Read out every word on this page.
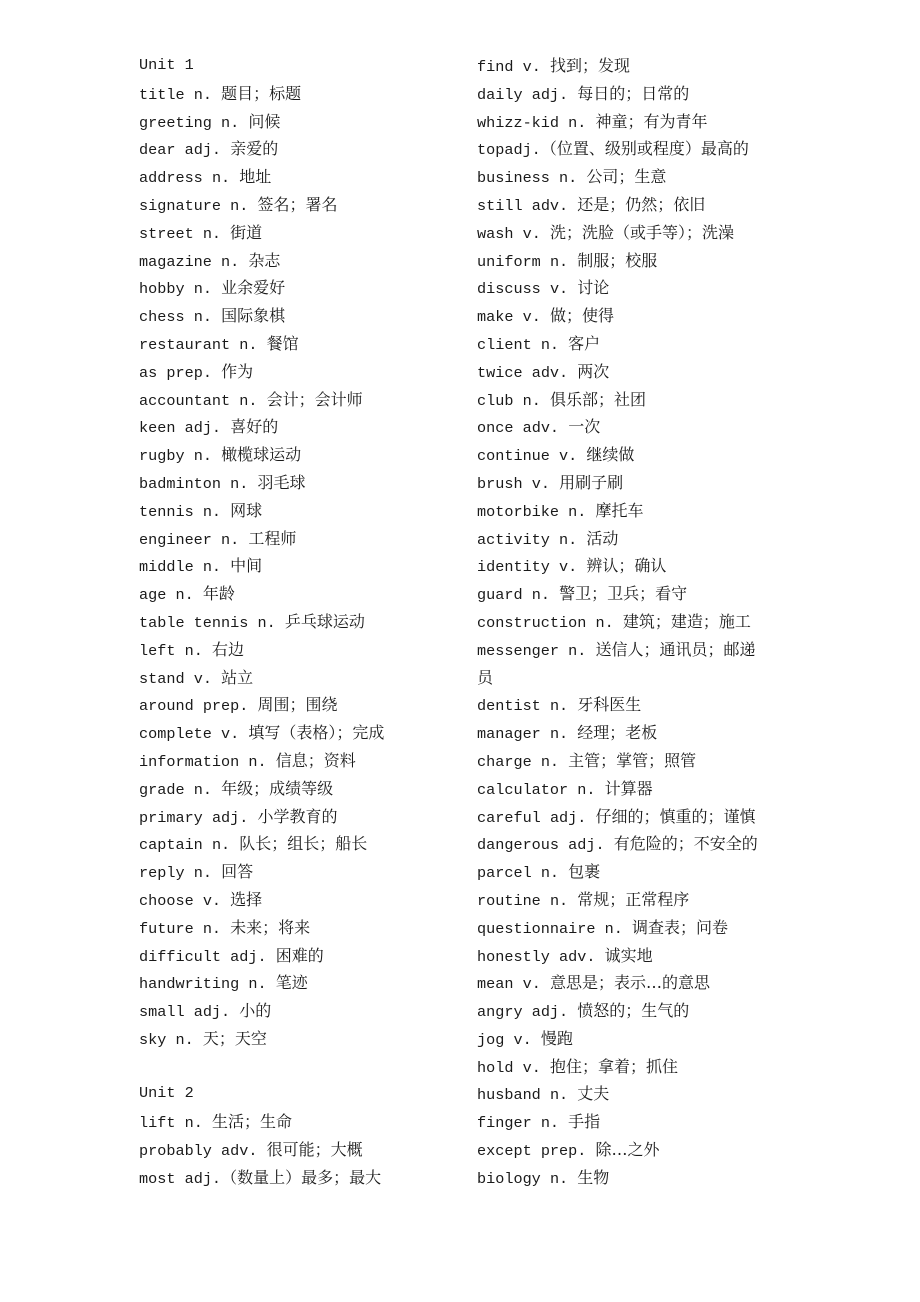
Unit 1
title n. 题目；标题
greeting n. 问候
dear adj. 亲爱的
address n. 地址
signature n. 签名；署名
street n. 街道
magazine n. 杂志
hobby n. 业余爱好
chess n. 国际象棋
restaurant n. 餐馆
as prep. 作为
accountant n. 会计；会计师
keen adj. 喜好的
rugby n. 橄榄球运动
badminton n. 羽毛球
tennis n. 网球
engineer n. 工程师
middle n. 中间
age n. 年龄
table tennis n. 乒乓球运动
left n. 右边
stand v. 站立
around prep. 周围；围绕
complete v. 填写（表格）；完成
information n. 信息；资料
grade n. 年级；成绩等级
primary adj. 小学教育的
captain n. 队长；组长；船长
reply n. 回答
choose v. 选择
future n. 未来；将来
difficult adj. 困难的
handwriting n. 笔迹
small adj. 小的
sky n. 天；天空
Unit 2
lift n. 生活；生命
probably adv. 很可能；大概
most adj.（数量上）最多；最大
find v. 找到；发现
daily adj. 每日的；日常的
whizz-kid n. 神童；有为青年
topadj.（位置、级别或程度）最高的
business n. 公司；生意
still adv. 还是；仍然；依旧
wash v. 洗；洗脸（或手等）；洗澡
uniform n. 制服；校服
discuss v. 讨论
make v. 做；使得
client n. 客户
twice adv. 两次
club n. 俱乐部；社团
once adv. 一次
continue v. 继续做
brush v. 用刷子刷
motorbike n. 摩托车
activity n. 活动
identity v. 辨认；确认
guard n. 警卫；卫兵；看守
construction n. 建筑；建造；施工
messenger n. 送信人；通讯员；邮递
员
dentist n. 牙科医生
manager n. 经理；老板
charge n. 主管；掌管；照管
calculator n. 计算器
careful adj. 仔细的；慎重的；谨慎
dangerous adj. 有危险的；不安全的
parcel n. 包裹
routine n. 常规；正常程序
questionnaire n. 调查表；问卷
honestly adv. 诚实地
mean v. 意思是；表示…的意思
angry adj. 愤怒的；生气的
jog v. 慢跑
hold v. 抱住；拿着；抓住
husband n. 丈夫
finger n. 手指
except prep. 除…之外
biology n. 生物
